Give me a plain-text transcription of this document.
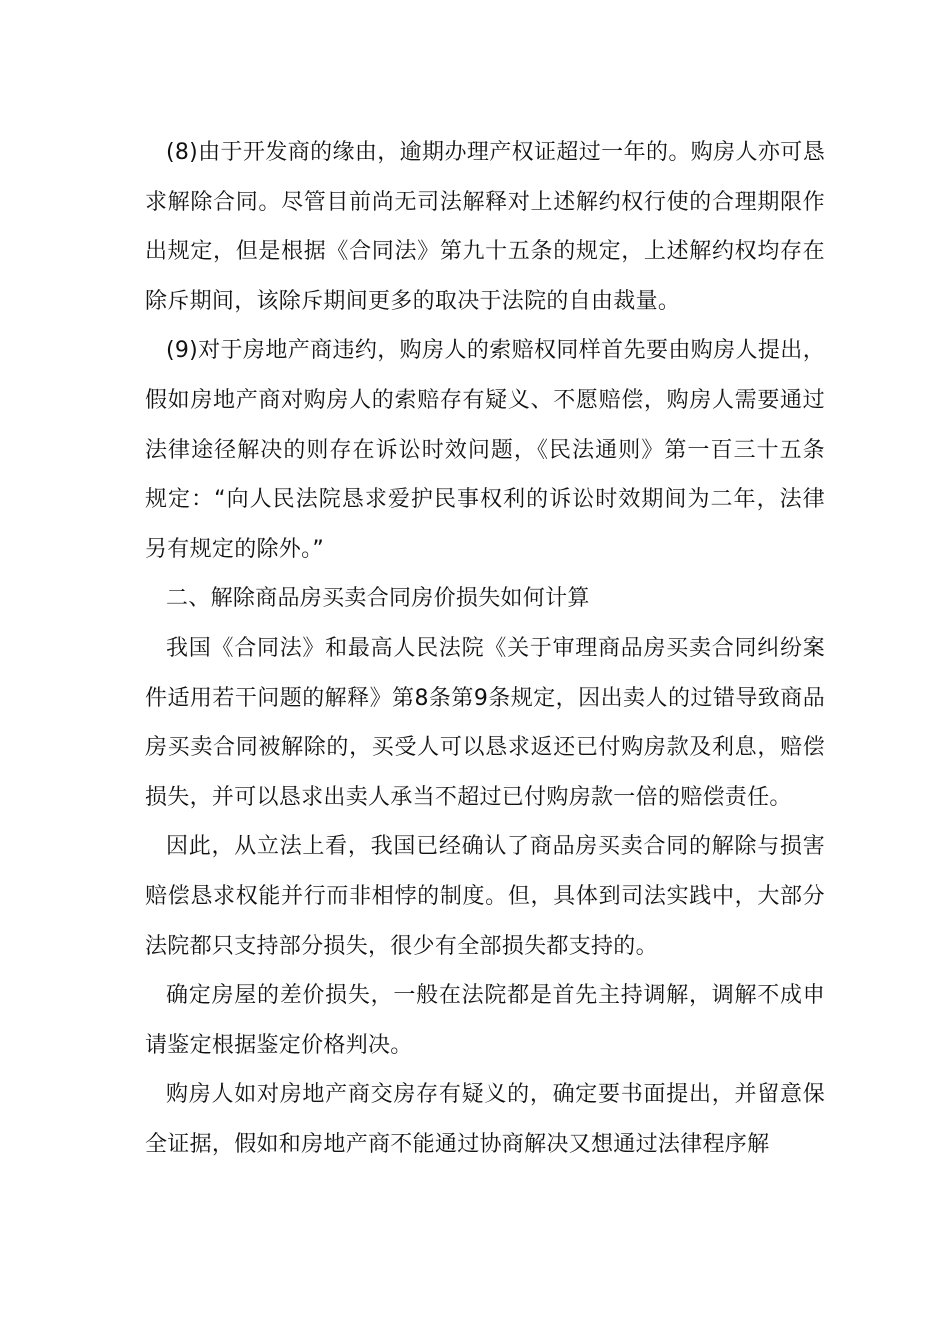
(8)由于开发商的缘由，逾期办理产权证超过一年的。购房人亦可恳求解除合同。尽管目前尚无司法解释对上述解约权行使的合理期限作出规定，但是根据《合同法》第九十五条的规定，上述解约权均存在除斥期间，该除斥期间更多的取决于法院的自由裁量。

(9)对于房地产商违约，购房人的索赔权同样首先要由购房人提出，假如房地产商对购房人的索赔存有疑义、不愿赔偿，购房人需要通过法律途径解决的则存在诉讼时效问题，《民法通则》第一百三十五条规定：“向人民法院恳求爱护民事权利的诉讼时效期间为二年，法律另有规定的除外。”

二、解除商品房买卖合同房价损失如何计算

我国《合同法》和最高人民法院《关于审理商品房买卖合同纠纷案件适用若干问题的解释》第8条第9条规定，因出卖人的过错导致商品房买卖合同被解除的，买受人可以恳求返还已付购房款及利息，赔偿损失，并可以恳求出卖人承当不超过已付购房款一倍的赔偿责任。

因此，从立法上看，我国已经确认了商品房买卖合同的解除与损害赔偿恳求权能并行而非相悖的制度。但，具体到司法实践中，大部分法院都只支持部分损失，很少有全部损失都支持的。

确定房屋的差价损失，一般在法院都是首先主持调解，调解不成申请鉴定根据鉴定价格判决。

购房人如对房地产商交房存有疑义的，确定要书面提出，并留意保全证据，假如和房地产商不能通过协商解决又想通过法律程序解
